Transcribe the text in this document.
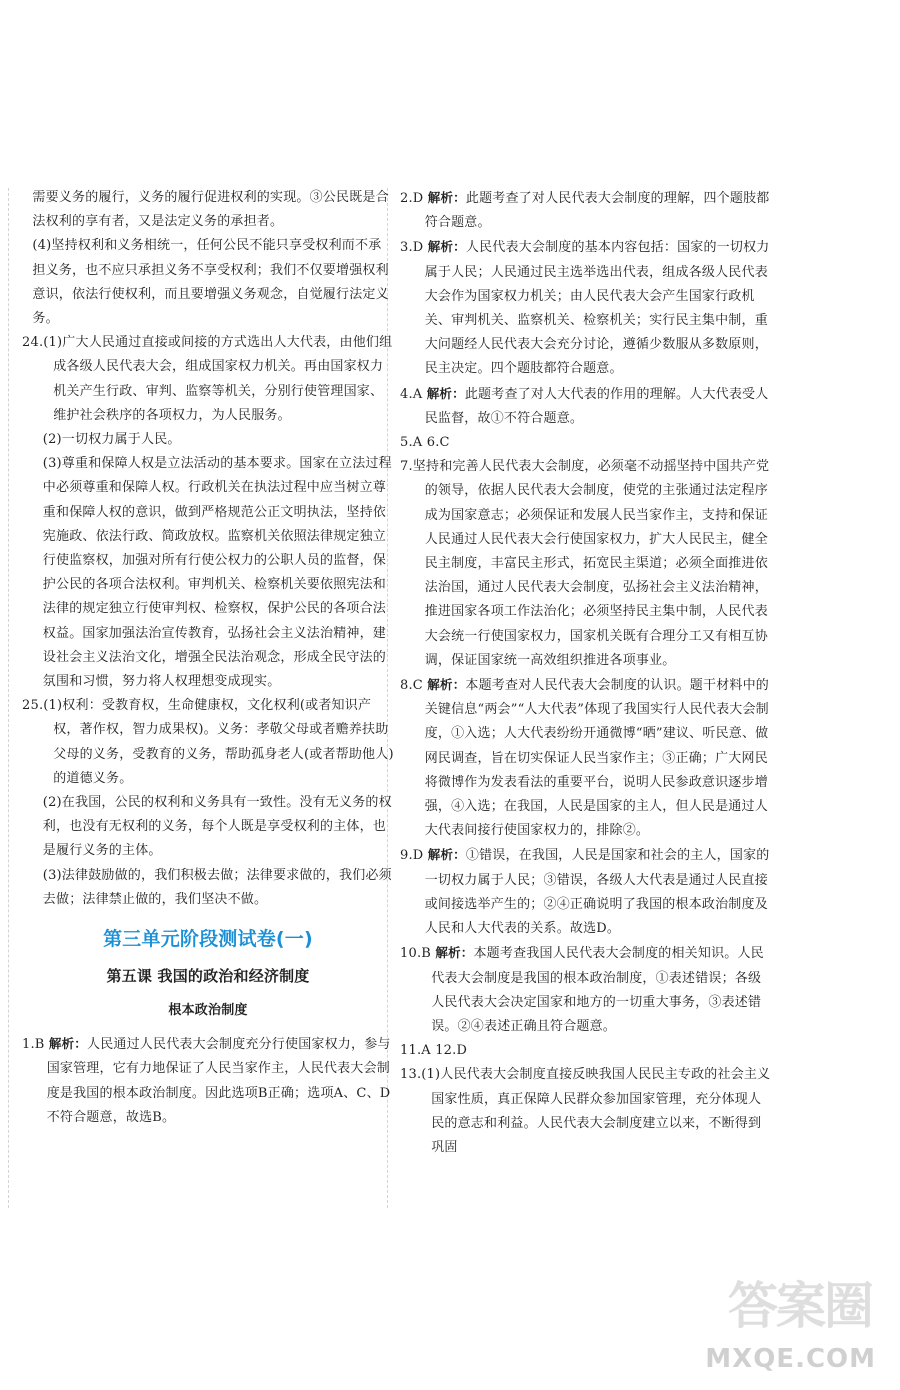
需要义务的履行，义务的履行促进权利的实现。③公民既是合法权利的享有者，又是法定义务的承担者。

(4)坚持权利和义务相统一，任何公民不能只享受权利而不承担义务，也不应只承担义务不享受权利；我们不仅要增强权利意识，依法行使权利，而且要增强义务观念，自觉履行法定义务。

24.(1)广大人民通过直接或间接的方式选出人大代表，由他们组成各级人民代表大会，组成国家权力机关。再由国家权力机关产生行政、审判、监察等机关，分别行使管理国家、维护社会秩序的各项权力，为人民服务。

(2)一切权力属于人民。

(3)尊重和保障人权是立法活动的基本要求。国家在立法过程中必须尊重和保障人权。行政机关在执法过程中应当树立尊重和保障人权的意识，做到严格规范公正文明执法，坚持依宪施政、依法行政、简政放权。监察机关依照法律规定独立行使监察权，加强对所有行使公权力的公职人员的监督，保护公民的各项合法权利。审判机关、检察机关要依照宪法和法律的规定独立行使审判权、检察权，保护公民的各项合法权益。国家加强法治宣传教育，弘扬社会主义法治精神，建设社会主义法治文化，增强全民法治观念，形成全民守法的氛围和习惯，努力将人权理想变成现实。

25.(1)权利：受教育权，生命健康权，文化权利(或者知识产权，著作权，智力成果权)。义务：孝敬父母或者赡养扶助父母的义务，受教育的义务，帮助孤身老人(或者帮助他人)的道德义务。

(2)在我国，公民的权利和义务具有一致性。没有无义务的权利，也没有无权利的义务，每个人既是享受权利的主体，也是履行义务的主体。

(3)法律鼓励做的，我们积极去做；法律要求做的，我们必须去做；法律禁止做的，我们坚决不做。

第三单元阶段测试卷(一)
第五课 我国的政治和经济制度
根本政治制度

1.B 解析：人民通过人民代表大会制度充分行使国家权力，参与国家管理，它有力地保证了人民当家作主，人民代表大会制度是我国的根本政治制度。因此选项B正确；选项A、C、D不符合题意，故选B。

2.D 解析：此题考查了对人民代表大会制度的理解，四个题肢都符合题意。

3.D 解析：人民代表大会制度的基本内容包括：国家的一切权力属于人民；人民通过民主选举选出代表，组成各级人民代表大会作为国家权力机关；由人民代表大会产生国家行政机关、审判机关、监察机关、检察机关；实行民主集中制，重大问题经人民代表大会充分讨论，遵循少数服从多数原则，民主决定。四个题肢都符合题意。

4.A 解析：此题考查了对人大代表的作用的理解。人大代表受人民监督，故①不符合题意。

5.A 6.C

7.坚持和完善人民代表大会制度，必须毫不动摇坚持中国共产党的领导，依据人民代表大会制度，使党的主张通过法定程序成为国家意志；必须保证和发展人民当家作主，支持和保证人民通过人民代表大会行使国家权力，扩大人民民主，健全民主制度，丰富民主形式，拓宽民主渠道；必须全面推进依法治国，通过人民代表大会制度，弘扬社会主义法治精神，推进国家各项工作法治化；必须坚持民主集中制，人民代表大会统一行使国家权力，国家机关既有合理分工又有相互协调，保证国家统一高效组织推进各项事业。

8.C 解析：本题考查对人民代表大会制度的认识。题干材料中的关键信息“两会”“人大代表”体现了我国实行人民代表大会制度，①入选；人大代表纷纷开通微博“晒”建议、听民意、做网民调查，旨在切实保证人民当家作主；③正确；广大网民将微博作为发表看法的重要平台，说明人民参政意识逐步增强，④入选；在我国，人民是国家的主人，但人民是通过人大代表间接行使国家权力的，排除②。

9.D 解析：①错误，在我国，人民是国家和社会的主人，国家的一切权力属于人民；③错误，各级人大代表是通过人民直接或间接选举产生的；②④正确说明了我国的根本政治制度及人民和人大代表的关系。故选D。

10.B 解析：本题考查我国人民代表大会制度的相关知识。人民代表大会制度是我国的根本政治制度，①表述错误；各级人民代表大会决定国家和地方的一切重大事务，③表述错误。②④表述正确且符合题意。

11.A 12.D

13.(1)人民代表大会制度直接反映我国人民民主专政的社会主义国家性质，真正保障人民群众参加国家管理，充分体现人民的意志和利益。人民代表大会制度建立以来，不断得到巩固

答案圈
MXQE.COM
